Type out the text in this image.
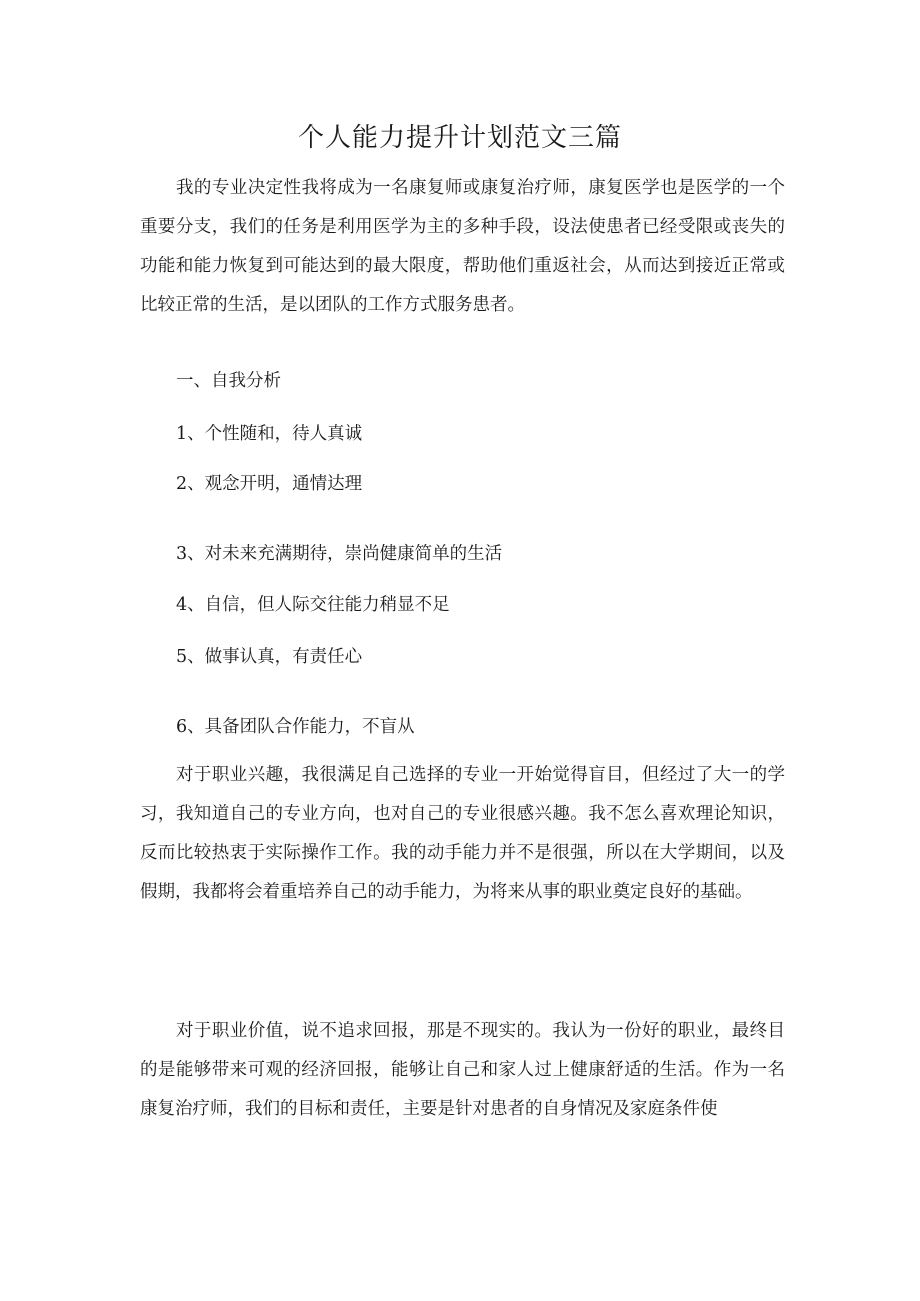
个人能力提升计划范文三篇

我的专业决定性我将成为一名康复师或康复治疗师，康复医学也是医学的一个重要分支，我们的任务是利用医学为主的多种手段，设法使患者已经受限或丧失的功能和能力恢复到可能达到的最大限度，帮助他们重返社会，从而达到接近正常或比较正常的生活，是以团队的工作方式服务患者。

一、自我分析

1、个性随和，待人真诚

2、观念开明，通情达理

3、对未来充满期待，崇尚健康简单的生活

4、自信，但人际交往能力稍显不足

5、做事认真，有责任心

6、具备团队合作能力，不盲从

对于职业兴趣，我很满足自己选择的专业一开始觉得盲目，但经过了大一的学习，我知道自己的专业方向，也对自己的专业很感兴趣。我不怎么喜欢理论知识，反而比较热衷于实际操作工作。我的动手能力并不是很强，所以在大学期间，以及假期，我都将会着重培养自己的动手能力，为将来从事的职业奠定良好的基础。

对于职业价值，说不追求回报，那是不现实的。我认为一份好的职业，最终目的是能够带来可观的经济回报，能够让自己和家人过上健康舒适的生活。作为一名康复治疗师，我们的目标和责任，主要是针对患者的自身情况及家庭条件使
